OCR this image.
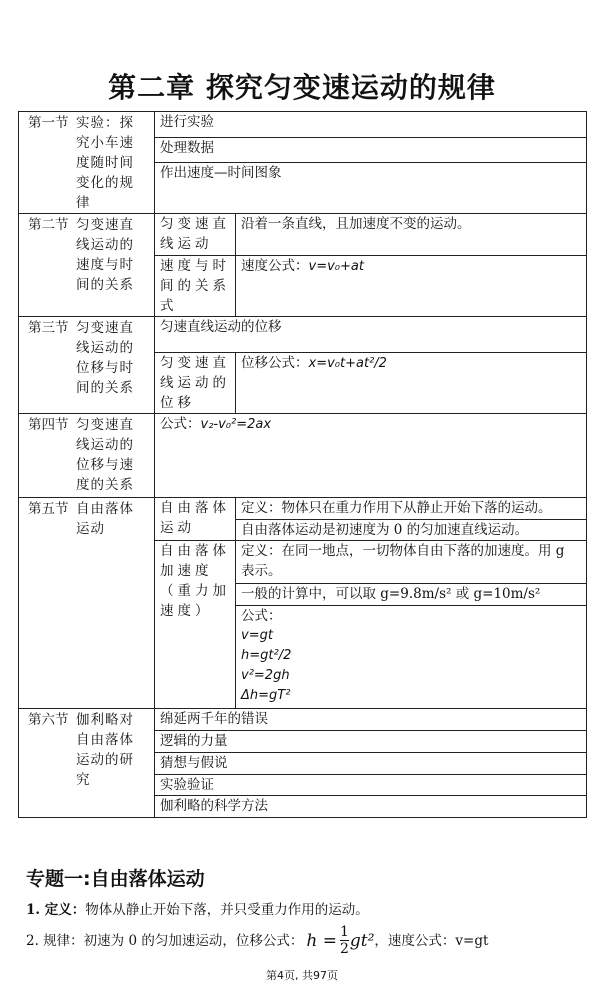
第二章 探究匀变速运动的规律
第一节 实验：探究小车速度随时间变化的规律	进行实验	
	处理数据	
	作出速度—时间图象	

第二节 匀变速直线运动的速度与时间的关系	匀变速直线运动	沿着一条直线，且加速度不变的运动。
	速度与时间的关系式	速度公式：v=v₀+at

第三节 匀变速直线运动的位移与时间的关系	匀速直线运动的位移	
	匀变速直线运动的位移	位移公式：x=v₀t+at²/2

第四节 匀变速直线运动的位移与速度的关系	公式：v₂-v₀²=2ax	

第五节 自由落体运动	自由落体运动	定义：物体只在重力作用下从静止开始下落的运动。
		自由落体运动是初速度为 0 的匀加速直线运动。
	自由落体加速度（重力加速度）	定义：在同一地点，一切物体自由下落的加速度。用 g 表示。
		一般的计算中，可以取 g=9.8m/s² 或 g=10m/s²

		公式：
v=gt
h=gt²/2
v²=2gh
Δh=gT²

第六节 伽利略对自由落体运动的研究	绵延两千年的错误	
	逻辑的力量	
	猜想与假说	
	实验验证	
	伽利略的科学方法	
专题一:自由落体运动
1. 定义：物体从静止开始下落，并只受重力作用的运动。
2. 规律：初速为 0 的匀加速运动，位移公式： $h = \frac{1}{2} gt^2$ ，速度公式：v=gt
第4页, 共97页
